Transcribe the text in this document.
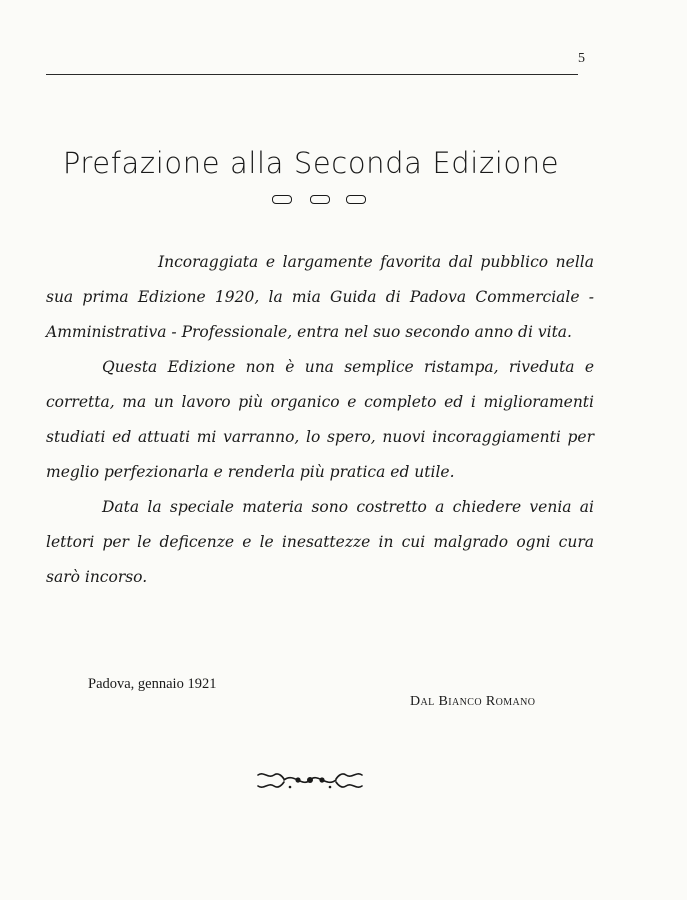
5
Prefazione alla Seconda Edizione

Incoraggiata e largamente favorita dal pubblico nella sua prima Edizione 1920, la mia Guida di Padova Commerciale - Amministrativa - Professionale, entra nel suo secondo anno di vita.

Questa Edizione non è una semplice ristampa, riveduta e corretta, ma un lavoro più organico e completo ed i miglioramenti studiati ed attuati mi varranno, lo spero, nuovi incoraggiamenti per meglio perfezionarla e renderla più pratica ed utile.

Data la speciale materia sono costretto a chiedere venia ai lettori per le deficenze e le inesattezze in cui malgrado ogni cura sarò incorso.

Padova, gennaio 1921
Dal Bianco Romano
